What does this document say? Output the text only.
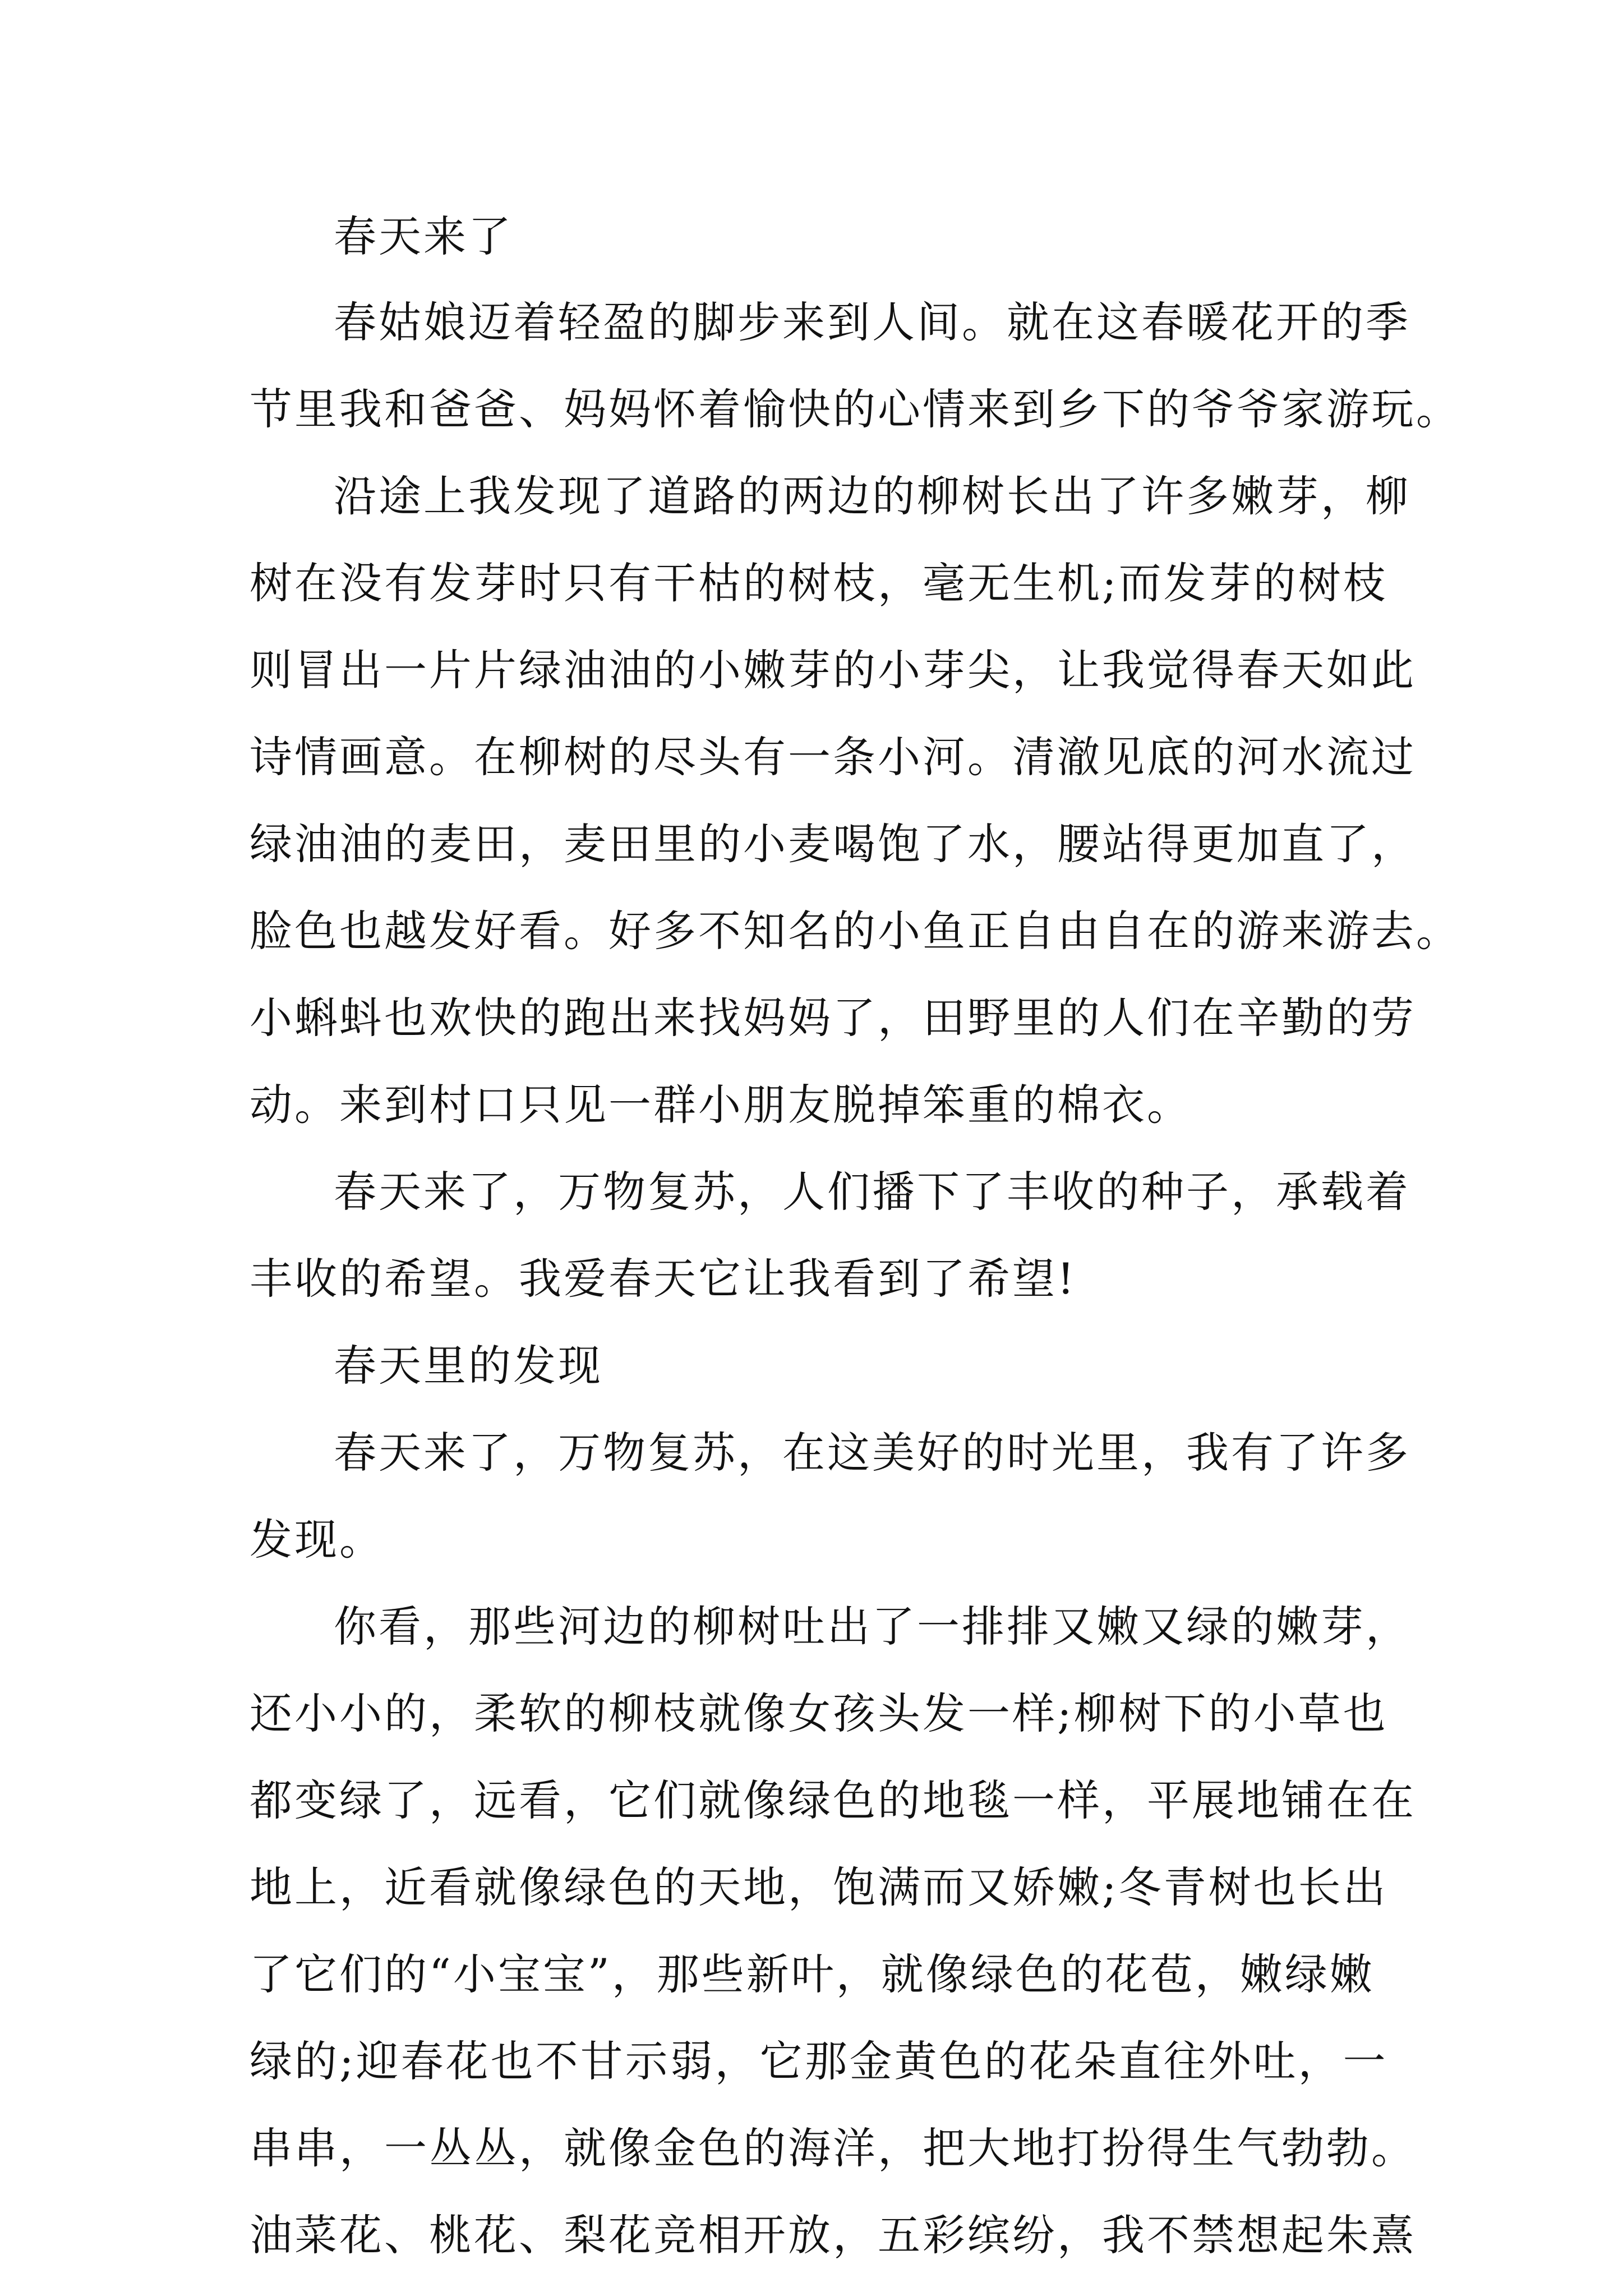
春天来了
春姑娘迈着轻盈的脚步来到人间。就在这春暖花开的季
节里我和爸爸、妈妈怀着愉快的心情来到乡下的爷爷家游玩。
沿途上我发现了道路的两边的柳树长出了许多嫩芽，柳
树在没有发芽时只有干枯的树枝，毫无生机;而发芽的树枝
则冒出一片片绿油油的小嫩芽的小芽尖，让我觉得春天如此
诗情画意。在柳树的尽头有一条小河。清澈见底的河水流过
绿油油的麦田，麦田里的小麦喝饱了水，腰站得更加直了，
脸色也越发好看。好多不知名的小鱼正自由自在的游来游去。
小蝌蚪也欢快的跑出来找妈妈了，田野里的人们在辛勤的劳
动。来到村口只见一群小朋友脱掉笨重的棉衣。
春天来了，万物复苏，人们播下了丰收的种子，承载着
丰收的希望。我爱春天它让我看到了希望!
春天里的发现
春天来了，万物复苏，在这美好的时光里，我有了许多
发现。
你看，那些河边的柳树吐出了一排排又嫩又绿的嫩芽，
还小小的，柔软的柳枝就像女孩头发一样;柳树下的小草也
都变绿了，远看，它们就像绿色的地毯一样，平展地铺在在
地上，近看就像绿色的天地，饱满而又娇嫩;冬青树也长出
了它们的“小宝宝”，那些新叶，就像绿色的花苞，嫩绿嫩
绿的;迎春花也不甘示弱，它那金黄色的花朵直往外吐，一
串串，一丛丛，就像金色的海洋，把大地打扮得生气勃勃。
油菜花、桃花、梨花竞相开放，五彩缤纷，我不禁想起朱熹
